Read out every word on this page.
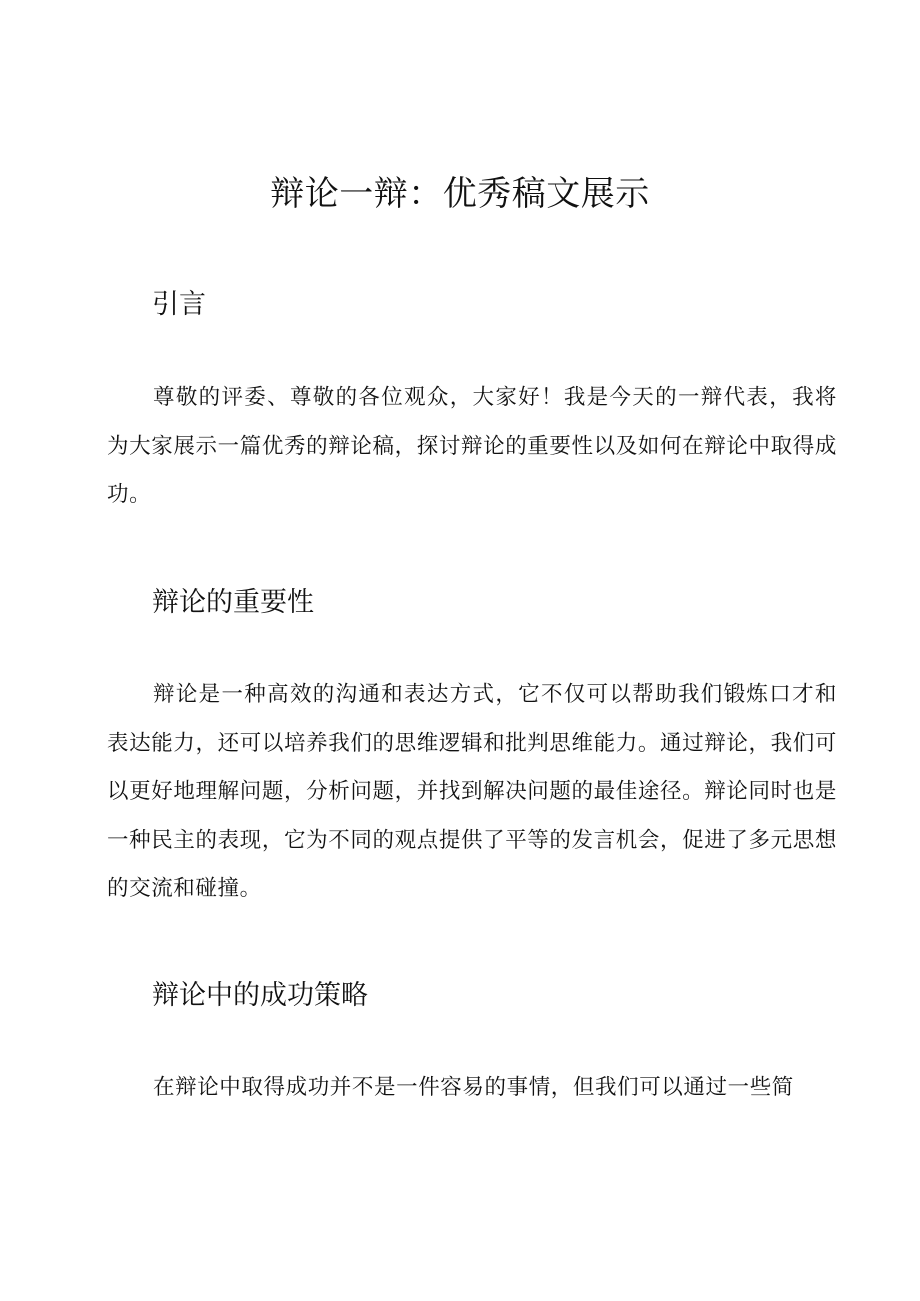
辩论一辩：优秀稿文展示
引言

尊敬的评委、尊敬的各位观众，大家好！我是今天的一辩代表，我将为大家展示一篇优秀的辩论稿，探讨辩论的重要性以及如何在辩论中取得成功。

辩论的重要性

辩论是一种高效的沟通和表达方式，它不仅可以帮助我们锻炼口才和表达能力，还可以培养我们的思维逻辑和批判思维能力。通过辩论，我们可以更好地理解问题，分析问题，并找到解决问题的最佳途径。辩论同时也是一种民主的表现，它为不同的观点提供了平等的发言机会，促进了多元思想的交流和碰撞。

辩论中的成功策略

在辩论中取得成功并不是一件容易的事情，但我们可以通过一些简
